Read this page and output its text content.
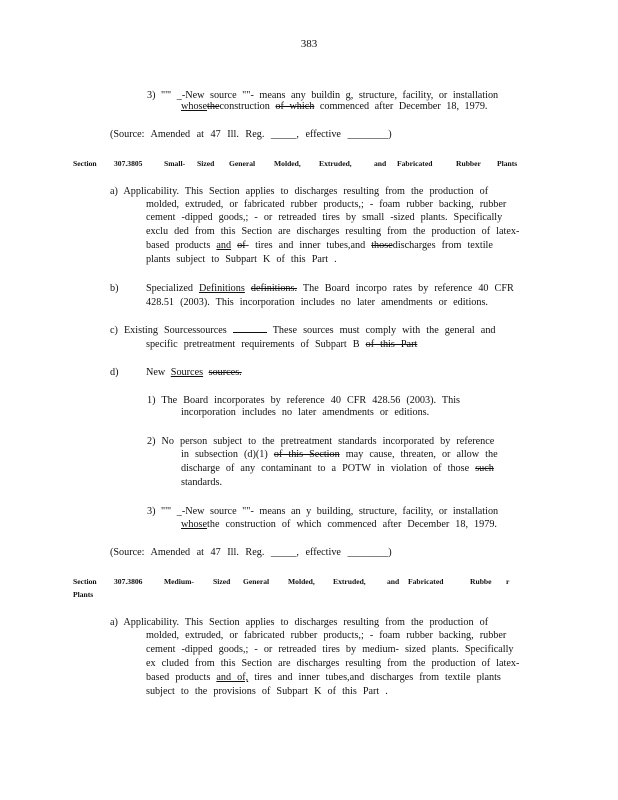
383
3) "'" _-New source ""- means any buildin g, structure, facility, or installation
whosetheconstruction of which commenced after December 18, 1979.
(Source: Amended at 47 Ill. Reg. _____, effective ________)
Section 307.3805	Small- Sized General Molded, Extruded,	and Fabricated	Rubber Plants
a) Applicability. This Section applies to discharges resulting from the production of
molded, extruded, or fabricated rubber products,; - foam rubber backing, rubber
cement -dipped goods,; - or retreaded tires by small -sized plants. Specifically
exclu ded from this Section are discharges resulting from the production of latex-
based products and of- tires and inner tubes,and thosedischarges from textile
plants subject to Subpart K of this Part .
b)	Specialized Definitions definitions. The Board incorpo rates by reference 40 CFR
428.51 (2003). This incorporation includes no later amendments or editions.
c) Existing Sourcessources	These sources must comply with the general and
specific pretreatment requirements of Subpart B of this Part
d)	New Sources sources.
1) The Board incorporates by reference 40 CFR 428.56 (2003). This
incorporation includes no later amendments or editions.
2) No person subject to the pretreatment standards incorporated by reference
in subsection (d)(1) of this Section may cause, threaten, or allow the
discharge of any contaminant to a POTW in violation of those such
standards.
3) "'" _-New source ""- means an y building, structure, facility, or installation
whosethe construction of which commenced after December 18, 1979.
(Source: Amended at 47 Ill. Reg. _____, effective ________)
Section 307.3806	Medium-	Sized General Molded, Extruded,	and Fabricated	Rubbe r
Plants
a) Applicability. This Section applies to discharges resulting from the production of
molded, extruded, or fabricated rubber products,; - foam rubber backing, rubber
cement -dipped goods,; - or retreaded tires by medium- sized plants. Specifically
ex cluded from this Section are discharges resulting from the production of latex-
based products and of, tires and inner tubes,and discharges from textile plants
subject to the provisions of Subpart K of this Part .
